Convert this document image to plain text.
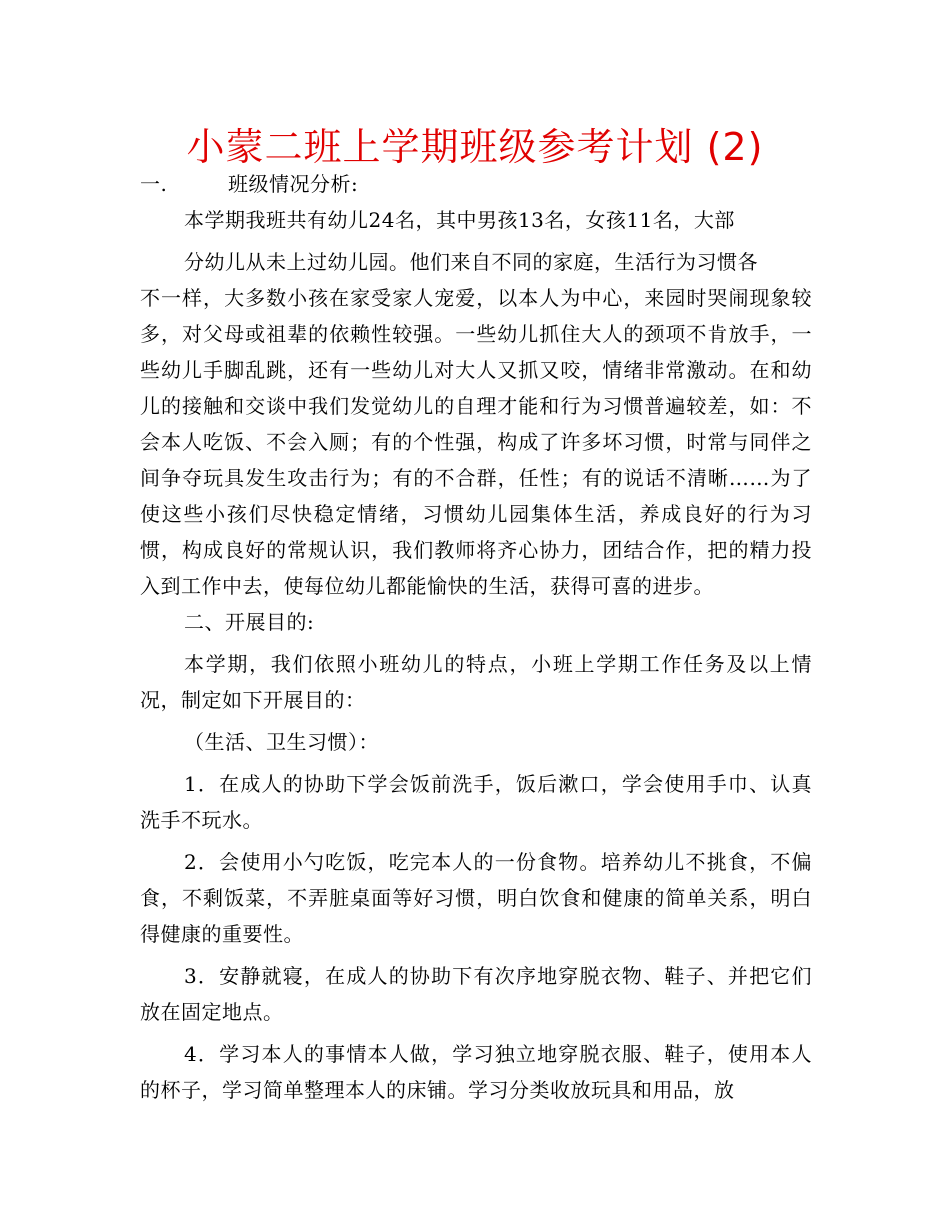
小蒙二班上学期班级参考计划 (2)
一.	班级情况分析:

本学期我班共有幼儿24名，其中男孩13名，女孩11名，大部

分幼儿从未上过幼儿园。他们来自不同的家庭，生活行为习惯各

不一样，大多数小孩在家受家人宠爱，以本人为中心，来园时哭闹现象较多，对父母或祖辈的依赖性较强。一些幼儿抓住大人的颈项不肯放手，一些幼儿手脚乱跳，还有一些幼儿对大人又抓又咬，情绪非常激动。在和幼儿的接触和交谈中我们发觉幼儿的自理才能和行为习惯普遍较差，如：不会本人吃饭、不会入厕；有的个性强，构成了许多坏习惯，时常与同伴之间争夺玩具发生攻击行为；有的不合群，任性；有的说话不清晰……为了使这些小孩们尽快稳定情绪，习惯幼儿园集体生活，养成良好的行为习惯，构成良好的常规认识，我们教师将齐心协力，团结合作，把的精力投入到工作中去，使每位幼儿都能愉快的生活，获得可喜的进步。

二、开展目的:

本学期，我们依照小班幼儿的特点，小班上学期工作任务及以上情况，制定如下开展目的：

（生活、卫生习惯）：

1．在成人的协助下学会饭前洗手，饭后漱口，学会使用手巾、认真洗手不玩水。

2．会使用小勺吃饭，吃完本人的一份食物。培养幼儿不挑食，不偏食，不剩饭菜，不弄脏桌面等好习惯，明白饮食和健康的简单关系，明白得健康的重要性。

3．安静就寝，在成人的协助下有次序地穿脱衣物、鞋子、并把它们放在固定地点。

4．学习本人的事情本人做，学习独立地穿脱衣服、鞋子，使用本人的杯子，学习简单整理本人的床铺。学习分类收放玩具和用品，放
